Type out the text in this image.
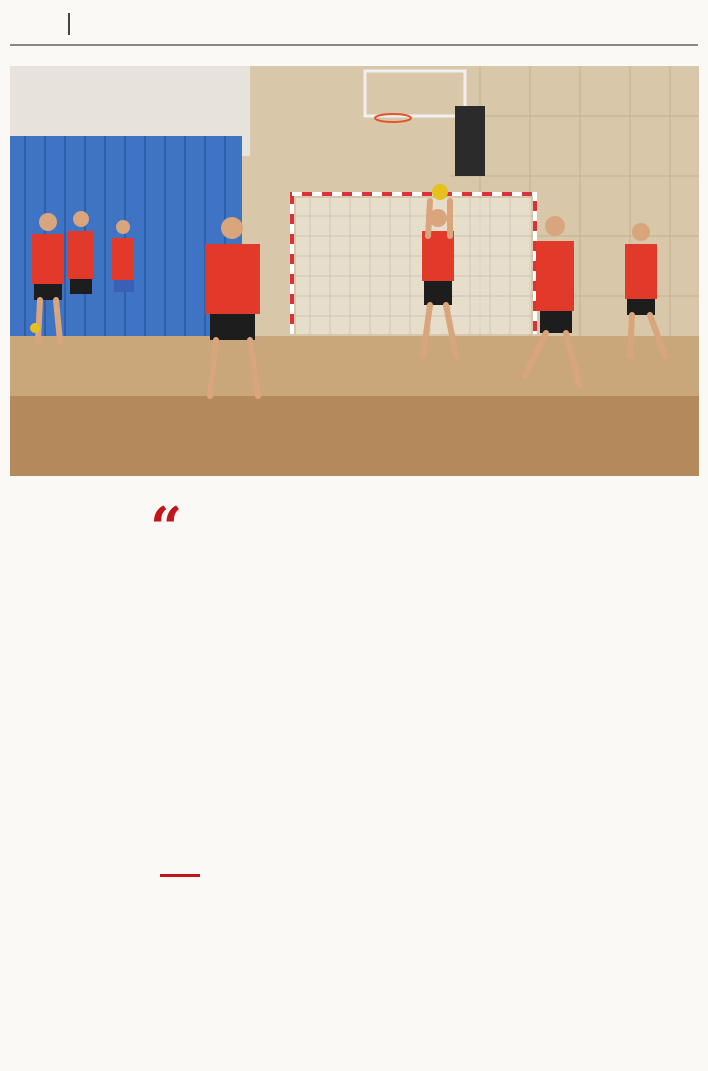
“
